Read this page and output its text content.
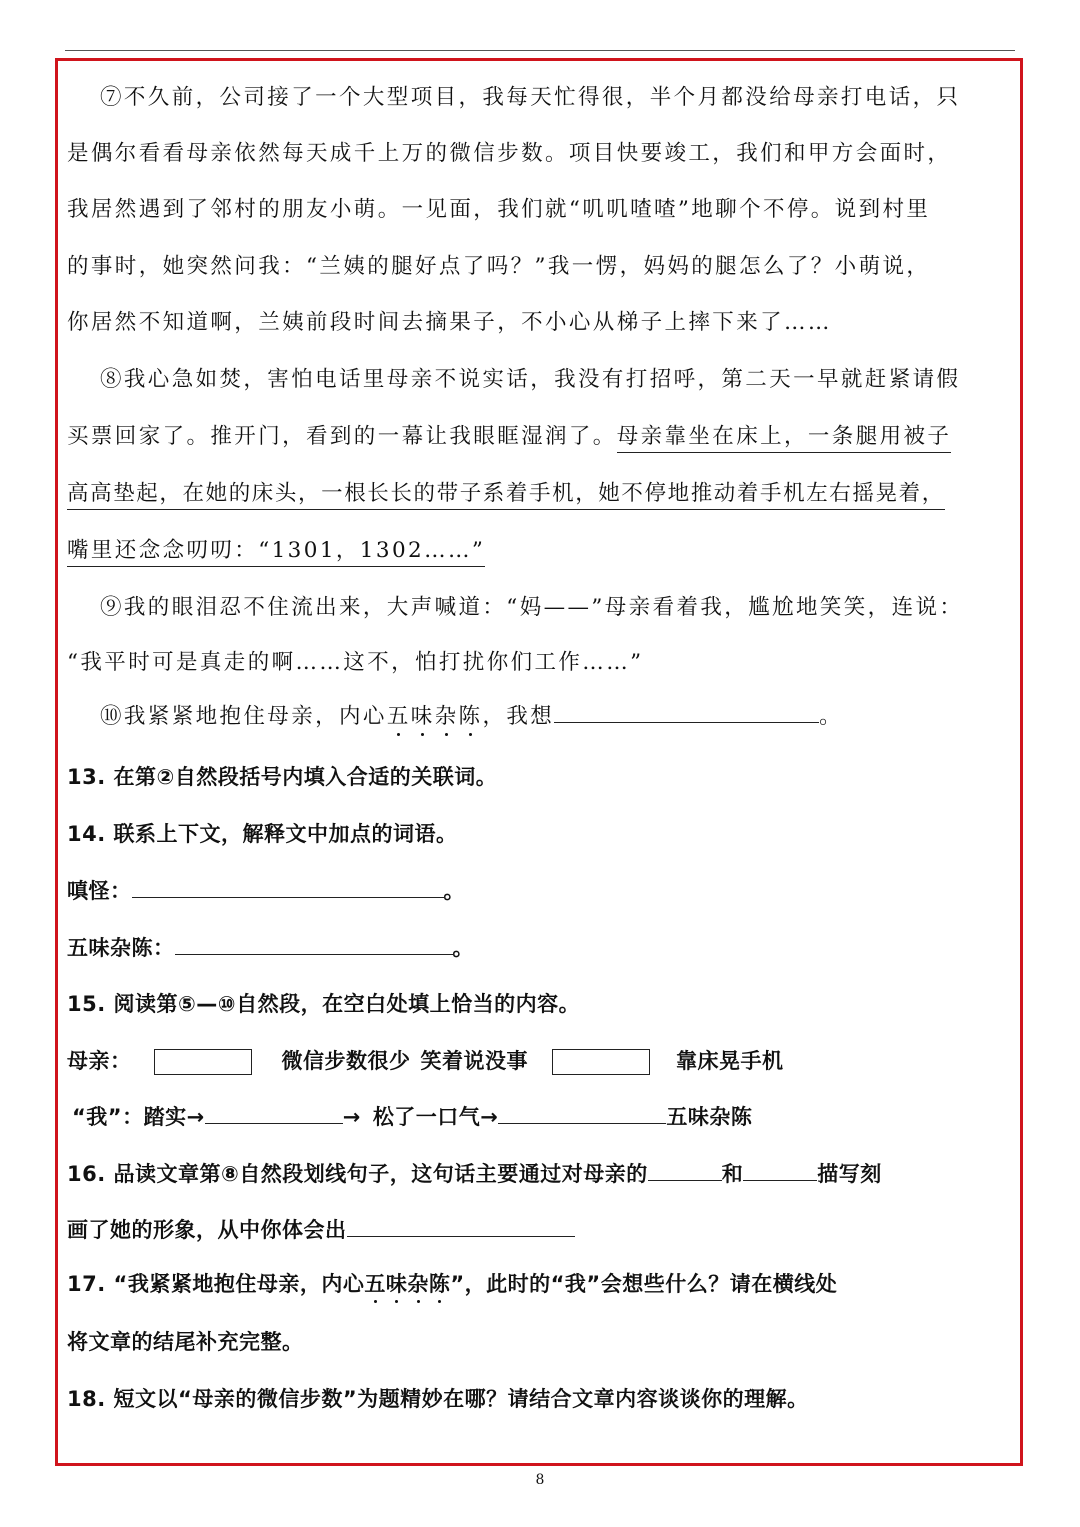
⑦不久前，公司接了一个大型项目，我每天忙得很，半个月都没给母亲打电话，只
是偶尔看看母亲依然每天成千上万的微信步数。项目快要竣工，我们和甲方会面时，
我居然遇到了邻村的朋友小萌。一见面，我们就“叽叽喳喳”地聊个不停。说到村里
的事时，她突然问我：“兰姨的腿好点了吗？”我一愣，妈妈的腿怎么了？小萌说，
你居然不知道啊，兰姨前段时间去摘果子，不小心从梯子上摔下来了……
⑧我心急如焚，害怕电话里母亲不说实话，我没有打招呼，第二天一早就赶紧请假
买票回家了。推开门，看到的一幕让我眼眶湿润了。母亲靠坐在床上，一条腿用被子
高高垫起，在她的床头，一根长长的带子系着手机，她不停地推动着手机左右摇晃着，
嘴里还念念叨叨：“1301，1302……”
⑨我的眼泪忍不住流出来，大声喊道：“妈——”母亲看着我，尴尬地笑笑，连说：
“我平时可是真走的啊……这不，怕打扰你们工作……”
⑩我紧紧地抱住母亲，内心五味杂陈，我想	。
13. 在第②自然段括号内填入合适的关联词。
14. 联系上下文，解释文中加点的词语。
嗔怪：	。
五味杂陈：	。
15. 阅读第⑤—⑩自然段，在空白处填上恰当的内容。
母亲：	微信步数很少 笑着说没事	靠床晃手机
“我”：踏实→	→ 松了一口气→	五味杂陈
16. 品读文章第⑧自然段划线句子，这句话主要通过对母亲的	和	描写刻
画了她的形象，从中你体会出
17. “我紧紧地抱住母亲，内心五味杂陈”，此时的“我”会想些什么？请在横线处
将文章的结尾补充完整。
18. 短文以“母亲的微信步数”为题精妙在哪？请结合文章内容谈谈你的理解。
8
